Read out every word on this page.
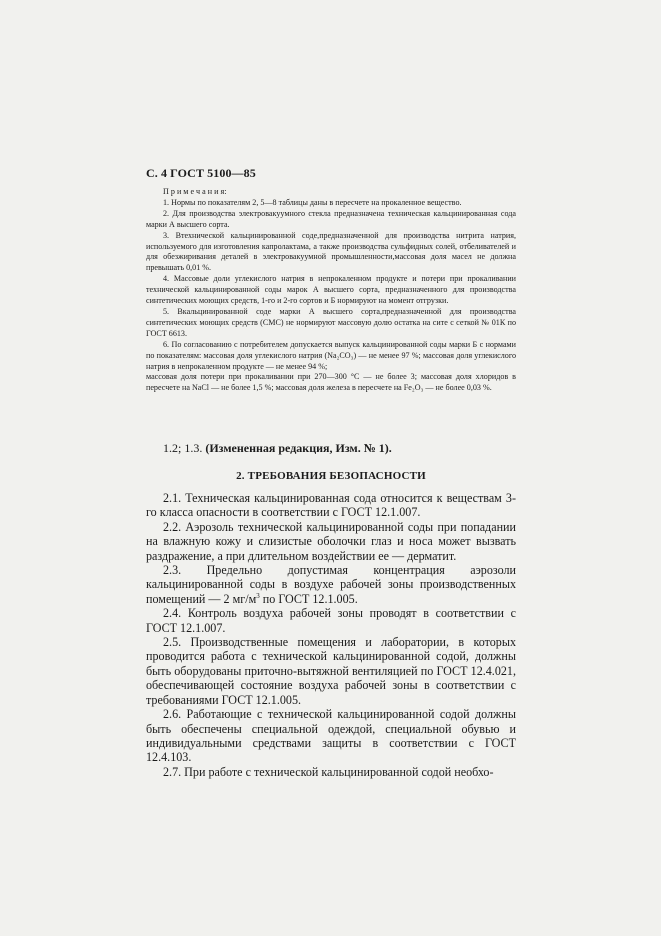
С. 4 ГОСТ 5100—85

П р и м е ч а н и я:

1. Нормы по показателям 2, 5—8 таблицы даны в пересчете на прокаленное вещество.

2. Для производства электровакуумного стекла предназначена техническая кальцинированная сода марки А высшего сорта.

3. Втехнической кальцинированной соде,предназначенной для производства нитрита натрия, используемого для изготовления капролактама, а также производства сульфидных солей, отбеливателей и для обезжиривания деталей в электровакуумной промышленности,массовая доля масел не должна превышать 0,01 %.

4. Массовые доли углекислого натрия в непрокаленном продукте и потери при прокаливании технической кальцинированной соды марок А высшего сорта, предназначенного для производства синтетических моющих средств, 1-го и 2-го сортов и Б нормируют на момент отгрузки.

5. Вкальцинированной соде марки А высшего сорта,предназначенной для производства синтетических моющих средств (СМС) не нормируют массовую долю остатка на сите с сеткой № 01К по ГОСТ 6613.

6. По согласованию с потребителем допускается выпуск кальцинированной соды марки Б с нормами по показателям: массовая доля углекислого натрия (Na₂CO₃) — не менее 97 %; массовая доля углекислого натрия в непрокаленном продукте — не менее 94 %;

массовая доля потери при прокаливании при 270—300 °С — не более 3; массовая доля хлоридов в пересчете на NaCl — не более 1,5 %; массовая доля железа в пересчете на Fe₂O₃ — не более 0,03 %.

1.2; 1.3. (Измененная редакция, Изм. № 1).
2. ТРЕБОВАНИЯ БЕЗОПАСНОСТИ

2.1. Техническая кальцинированная сода относится к веществам 3-го класса опасности в соответствии с ГОСТ 12.1.007.

2.2. Аэрозоль технической кальцинированной соды при попадании на влажную кожу и слизистые оболочки глаз и носа может вызвать раздражение, а при длительном воздействии ее — дерматит.

2.3. Предельно допустимая концентрация аэрозоли кальцинированной соды в воздухе рабочей зоны производственных помещений — 2 $мг/м^3$ по ГОСТ 12.1.005.

2.4. Контроль воздуха рабочей зоны проводят в соответствии с ГОСТ 12.1.007.

2.5. Производственные помещения и лаборатории, в которых проводится работа с технической кальцинированной содой, должны быть оборудованы приточно-вытяжной вентиляцией по ГОСТ 12.4.021, обеспечивающей состояние воздуха рабочей зоны в соответствии с требованиями ГОСТ 12.1.005.

2.6. Работающие с технической кальцинированной содой должны быть обеспечены специальной одеждой, специальной обувью и индивидуальными средствами защиты в соответствии с ГОСТ 12.4.103.

2.7. При работе с технической кальцинированной содой необхо-
